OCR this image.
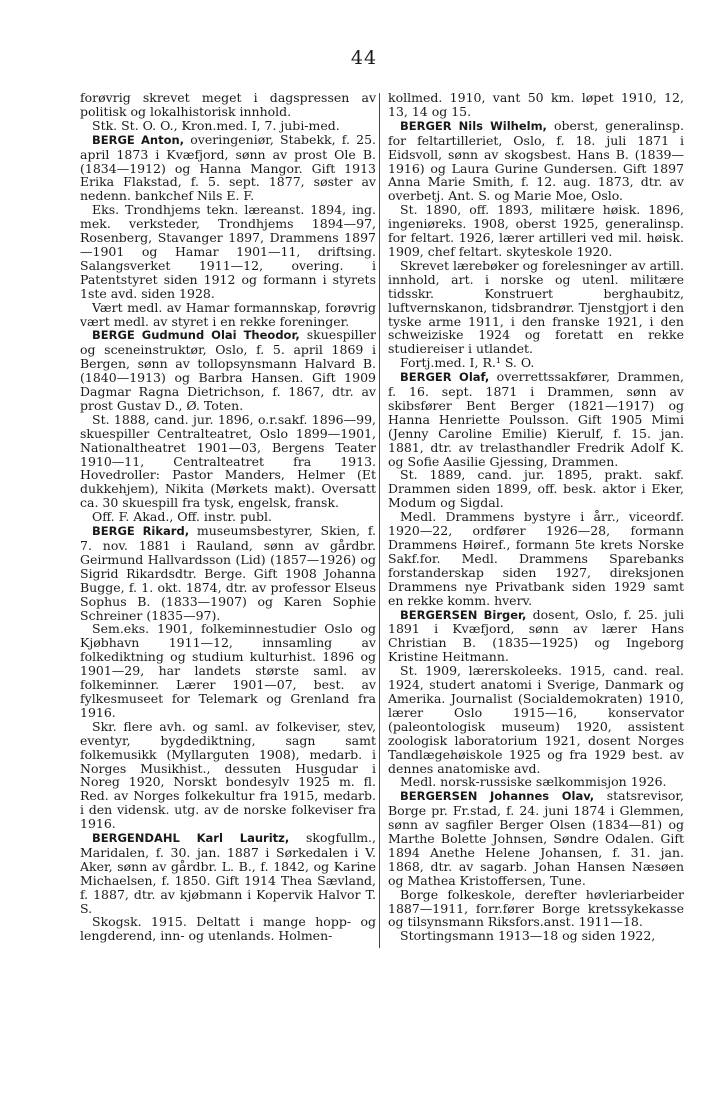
44

forøvrig skrevet meget i dagspressen av politisk og lokalhistorisk innhold.

Stk. St. O. O., Kron.med. I, 7. jubi-med.

BERGE Anton, overingeniør, Stabekk, f. 25. april 1873 i Kvæfjord, sønn av prost Ole B. (1834—1912) og Hanna Mangor. Gift 1913 Erika Flakstad, f. 5. sept. 1877, søster av nedenn. bankchef Nils E. F.

Eks. Trondhjems tekn. læreanst. 1894, ing. mek. verksteder, Trondhjems 1894—97, Rosenberg, Stavanger 1897, Drammens 1897—1901 og Hamar 1901—11, driftsing. Salangsverket 1911—12, overing. i Patentstyret siden 1912 og formann i styrets 1ste avd. siden 1928.

Vært medl. av Hamar formannskap, forøvrig vært medl. av styret i en rekke foreninger.

BERGE Gudmund Olai Theodor, skuespiller og sceneinstruktør, Oslo, f. 5. april 1869 i Bergen, sønn av tollopsynsmann Halvard B. (1840—1913) og Barbra Hansen. Gift 1909 Dagmar Ragna Dietrichson, f. 1867, dtr. av prost Gustav D., Ø. Toten.

St. 1888, cand. jur. 1896, o.r.sakf. 1896—99, skuespiller Centralteatret, Oslo 1899—1901, Nationaltheatret 1901—03, Bergens Teater 1910—11, Centralteatret fra 1913. Hovedroller: Pastor Manders, Helmer (Et dukkehjem), Nikita (Mørkets makt). Oversatt ca. 30 skuespill fra tysk, engelsk, fransk.

Off. F. Akad., Off. instr. publ.

BERGE Rikard, museumsbestyrer, Skien, f. 7. nov. 1881 i Rauland, sønn av gårdbr. Geirmund Hallvardsson (Lid) (1857—1926) og Sigrid Rikardsdtr. Berge. Gift 1908 Johanna Bugge, f. 1. okt. 1874, dtr. av professor Elseus Sophus B. (1833—1907) og Karen Sophie Schreiner (1835—97).

Sem.eks. 1901, folkeminnestudier Oslo og Kjøbhavn 1911—12, innsamling av folkediktning og studium kulturhist. 1896 og 1901—29, har landets største saml. av folkeminner. Lærer 1901—07, best. av fylkesmuseet for Telemark og Grenland fra 1916.

Skr. flere avh. og saml. av folkeviser, stev, eventyr, bygdediktning, sagn samt folkemusikk (Myllarguten 1908), medarb. i Norges Musikhist., dessuten Husgudar i Noreg 1920, Norskt bondesylv 1925 m. fl. Red. av Norges folkekultur fra 1915, medarb. i den vidensk. utg. av de norske folkeviser fra 1916.

BERGENDAHL Karl Lauritz, skogfullm., Maridalen, f. 30. jan. 1887 i Sørkedalen i V. Aker, sønn av gårdbr. L. B., f. 1842, og Karine Michaelsen, f. 1850. Gift 1914 Thea Sævland, f. 1887, dtr. av kjøbmann i Kopervik Halvor T. S.

Skogsk. 1915. Deltatt i mange hopp- og lengderend, inn- og utenlands. Holmen-

kollmed. 1910, vant 50 km. løpet 1910, 12, 13, 14 og 15.

BERGER Nils Wilhelm, oberst, generalinsp. for feltartilleriet, Oslo, f. 18. juli 1871 i Eidsvoll, sønn av skogsbest. Hans B. (1839—1916) og Laura Gurine Gundersen. Gift 1897 Anna Marie Smith, f. 12. aug. 1873, dtr. av overbetj. Ant. S. og Marie Moe, Oslo.

St. 1890, off. 1893, militære høisk. 1896, ingeniøreks. 1908, oberst 1925, generalinsp. for feltart. 1926, lærer artilleri ved mil. høisk. 1909, chef feltart. skyteskole 1920.

Skrevet lærebøker og forelesninger av artill. innhold, art. i norske og utenl. militære tidsskr. Konstruert berghaubitz, luftvernskanon, tidsbrandrør. Tjenstgjort i den tyske arme 1911, i den franske 1921, i den schweiziske 1924 og foretatt en rekke studiereiser i utlandet.

Fortj.med. I, R.¹ S. O.

BERGER Olaf, overrettssakfører, Drammen, f. 16. sept. 1871 i Drammen, sønn av skibsfører Bent Berger (1821—1917) og Hanna Henriette Poulsson. Gift 1905 Mimi (Jenny Caroline Emilie) Kierulf, f. 15. jan. 1881, dtr. av trelasthandler Fredrik Adolf K. og Sofie Aasilie Gjessing, Drammen.

St. 1889, cand. jur. 1895, prakt. sakf. Drammen siden 1899, off. besk. aktor i Eker, Modum og Sigdal.

Medl. Drammens bystyre i årr., viceordf. 1920—22, ordfører 1926—28, formann Drammens Høiref., formann 5te krets Norske Sakf.for. Medl. Drammens Sparebanks forstanderskap siden 1927, direksjonen Drammens nye Privatbank siden 1929 samt en rekke komm. hverv.

BERGERSEN Birger, dosent, Oslo, f. 25. juli 1891 i Kvæfjord, sønn av lærer Hans Christian B. (1835—1925) og Ingeborg Kristine Heitmann.

St. 1909, lærerskoleeks. 1915, cand. real. 1924, studert anatomi i Sverige, Danmark og Amerika. Journalist (Socialdemokraten) 1910, lærer Oslo 1915—16, konservator (paleontologisk museum) 1920, assistent zoologisk laboratorium 1921, dosent Norges Tandlægehøiskole 1925 og fra 1929 best. av dennes anatomiske avd.

Medl. norsk-russiske sælkommisjon 1926.

BERGERSEN Johannes Olav, statsrevisor, Borge pr. Fr.stad, f. 24. juni 1874 i Glemmen, sønn av sagfiler Berger Olsen (1834—81) og Marthe Bolette Johnsen, Søndre Odalen. Gift 1894 Anethe Helene Johansen, f. 31. jan. 1868, dtr. av sagarb. Johan Hansen Næsøen og Mathea Kristoffersen, Tune.

Borge folkeskole, derefter høvleriarbeider 1887—1911, forr.fører Borge kretssykekasse og tilsynsmann Riksfors.anst. 1911—18.

Stortingsmann 1913—18 og siden 1922,
